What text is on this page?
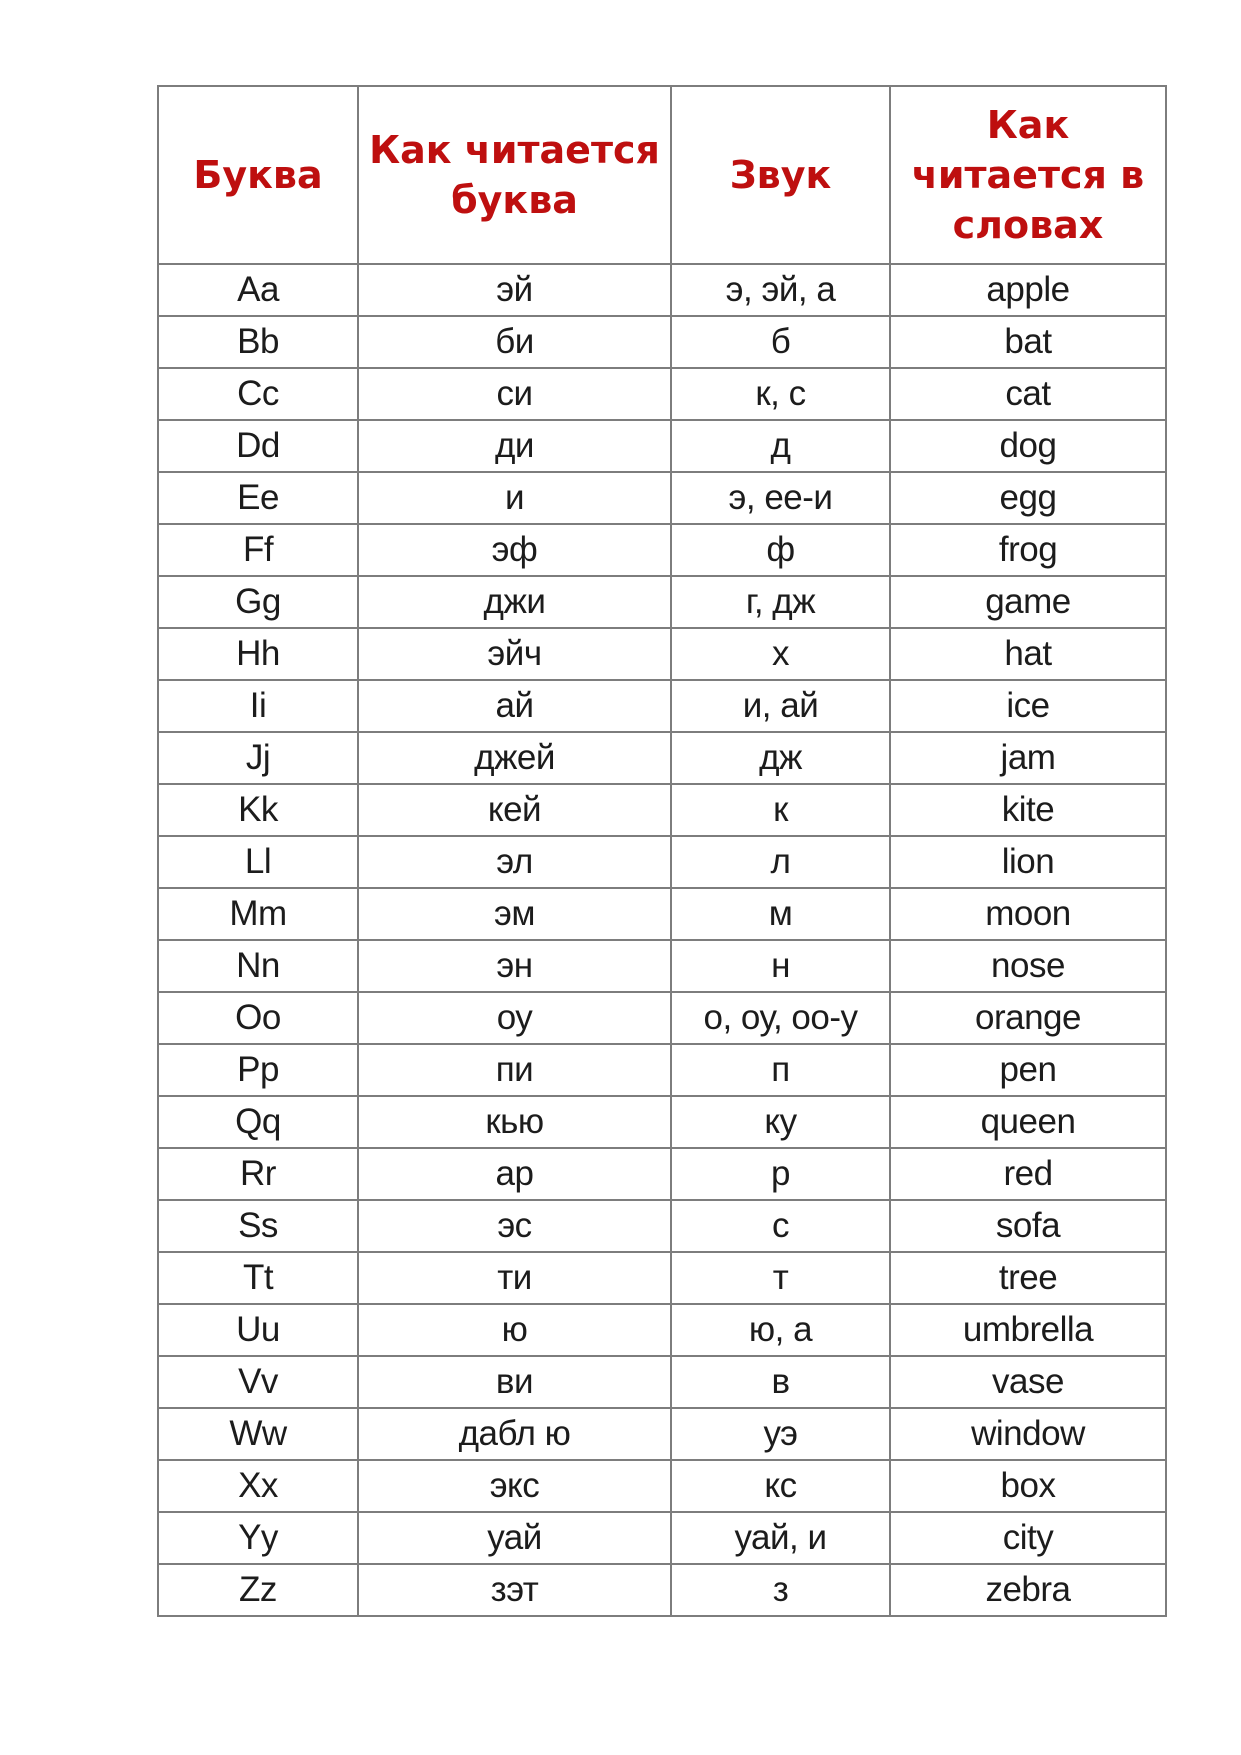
Буква	Как читается буква	Звук	Как читается в словах
Aa	эй	э, эй, а	apple
Bb	би	б	bat
Cc	си	к, с	cat
Dd	ди	д	dog
Ee	и	э, ее-и	egg
Ff	эф	ф	frog
Gg	джи	г, дж	game
Hh	эйч	х	hat
Ii	ай	и, ай	ice
Jj	джей	дж	jam
Kk	кей	к	kite
Ll	эл	л	lion
Mm	эм	м	moon
Nn	эн	н	nose
Oo	оу	о, оу, оо-у	orange
Pp	пи	п	pen
Qq	кью	ку	queen
Rr	ар	р	red
Ss	эс	с	sofa
Tt	ти	т	tree
Uu	ю	ю, а	umbrella
Vv	ви	в	vase
Ww	дабл ю	уэ	window
Xx	экс	кс	box
Yy	уай	уай, и	city
Zz	зэт	з	zebra
